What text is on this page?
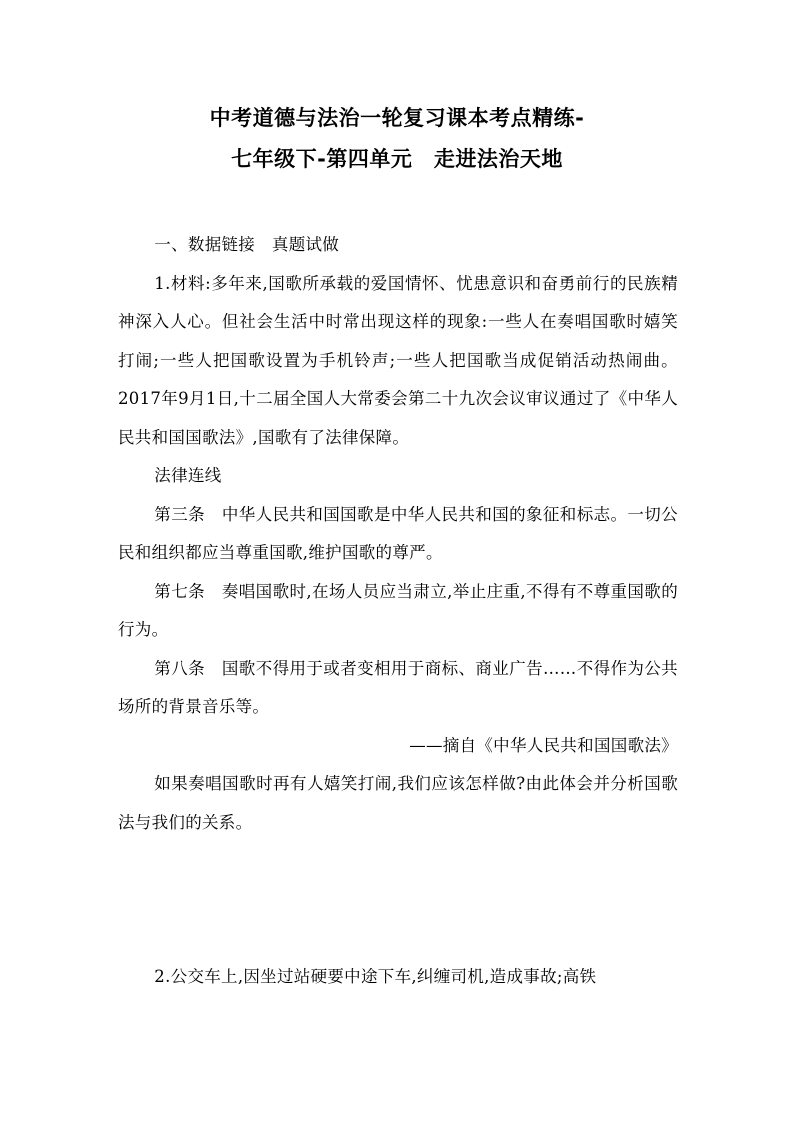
中考道德与法治一轮复习课本考点精练-
七年级下-第四单元　走进法治天地

一、数据链接　真题试做

1.材料:多年来,国歌所承载的爱国情怀、忧患意识和奋勇前行的民族精神深入人心。但社会生活中时常出现这样的现象:一些人在奏唱国歌时嬉笑打闹;一些人把国歌设置为手机铃声;一些人把国歌当成促销活动热闹曲。2017年9月1日,十二届全国人大常委会第二十九次会议审议通过了《中华人民共和国国歌法》,国歌有了法律保障。

法律连线

第三条　中华人民共和国国歌是中华人民共和国的象征和标志。一切公民和组织都应当尊重国歌,维护国歌的尊严。

第七条　奏唱国歌时,在场人员应当肃立,举止庄重,不得有不尊重国歌的行为。

第八条　国歌不得用于或者变相用于商标、商业广告……不得作为公共场所的背景音乐等。

——摘自《中华人民共和国国歌法》

如果奏唱国歌时再有人嬉笑打闹,我们应该怎样做?由此体会并分析国歌法与我们的关系。

2.公交车上,因坐过站硬要中途下车,纠缠司机,造成事故;高铁
